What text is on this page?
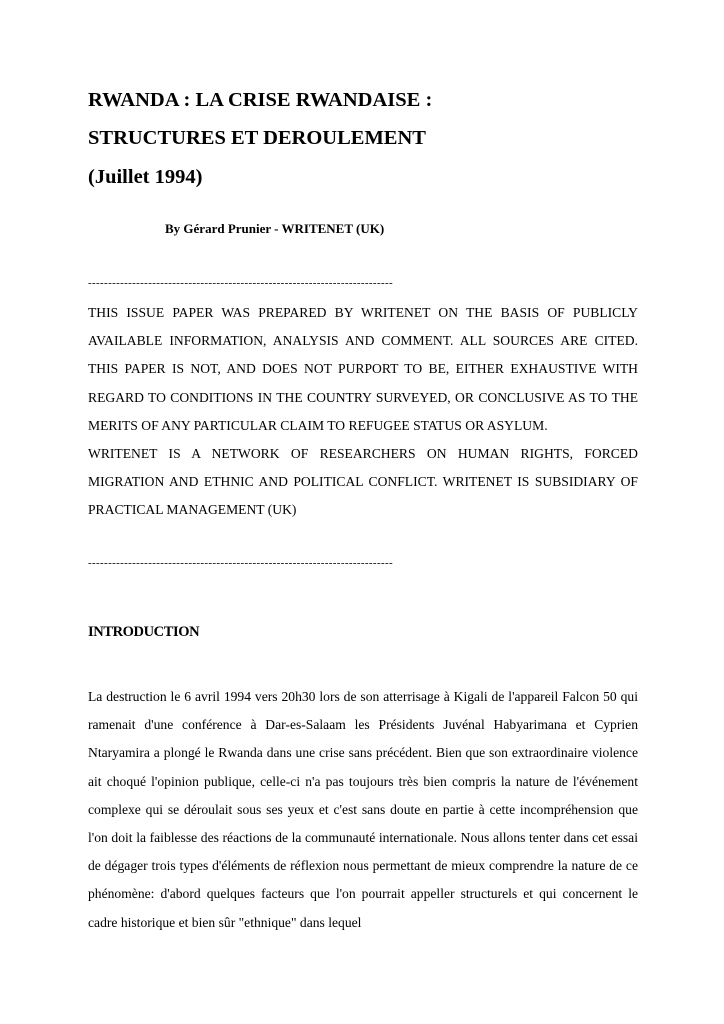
RWANDA : LA CRISE RWANDAISE :
STRUCTURES ET DEROULEMENT
(Juillet 1994)

By Gérard Prunier - WRITENET (UK)

----------------------------------------------------------------------------

THIS ISSUE PAPER WAS PREPARED BY WRITENET ON THE BASIS OF PUBLICLY AVAILABLE INFORMATION, ANALYSIS AND COMMENT. ALL SOURCES ARE CITED. THIS PAPER IS NOT, AND DOES NOT PURPORT TO BE, EITHER EXHAUSTIVE WITH REGARD TO CONDITIONS IN THE COUNTRY SURVEYED, OR CONCLUSIVE AS TO THE MERITS OF ANY PARTICULAR CLAIM TO REFUGEE STATUS OR ASYLUM.

WRITENET IS A NETWORK OF RESEARCHERS ON HUMAN RIGHTS, FORCED MIGRATION AND ETHNIC AND POLITICAL CONFLICT. WRITENET IS SUBSIDIARY OF PRACTICAL MANAGEMENT (UK)

----------------------------------------------------------------------------
INTRODUCTION

La destruction le 6 avril 1994 vers 20h30 lors de son atterrisage à Kigali de l'appareil Falcon 50 qui ramenait d'une conférence à Dar-es-Salaam les Présidents Juvénal Habyarimana et Cyprien Ntaryamira a plongé le Rwanda dans une crise sans précédent. Bien que son extraordinaire violence ait choqué l'opinion publique, celle-ci n'a pas toujours très bien compris la nature de l'événement complexe qui se déroulait sous ses yeux et c'est sans doute en partie à cette incompréhension que l'on doit la faiblesse des réactions de la communauté internationale. Nous allons tenter dans cet essai de dégager trois types d'éléments de réflexion nous permettant de mieux comprendre la nature de ce phénomène: d'abord quelques facteurs que l'on pourrait appeller structurels et qui concernent le cadre historique et bien sûr "ethnique" dans lequel
